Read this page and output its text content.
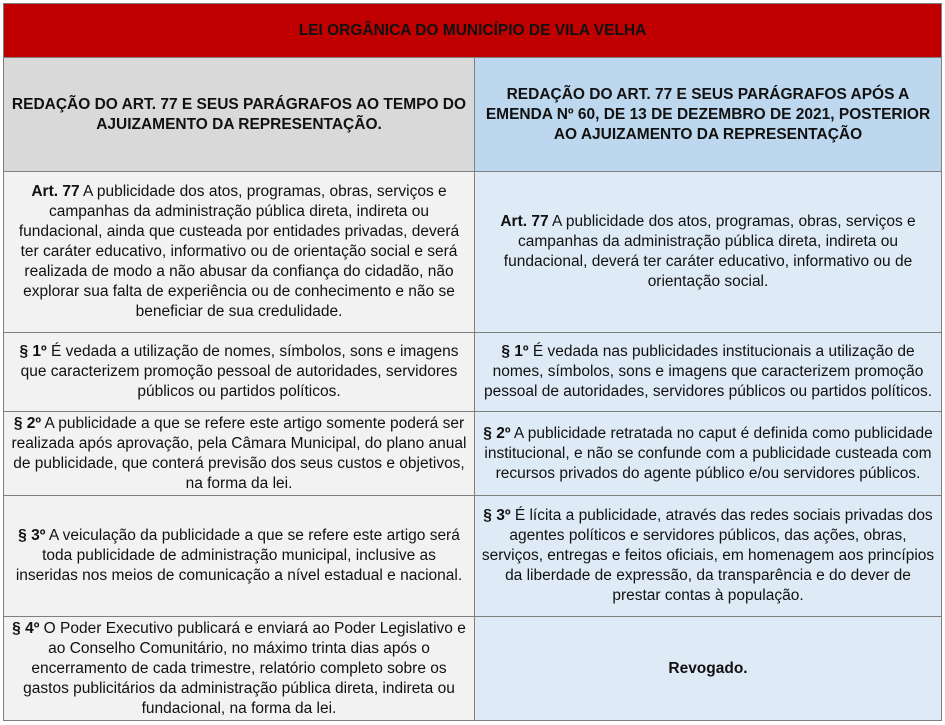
LEI ORGÂNICA DO MUNICÍPIO DE VILA VELHA	
REDAÇÃO DO ART. 77 E SEUS PARÁGRAFOS AO TEMPO DO AJUIZAMENTO DA REPRESENTAÇÃO.	REDAÇÃO DO ART. 77 E SEUS PARÁGRAFOS APÓS A EMENDA Nº 60, DE 13 DE DEZEMBRO DE 2021, POSTERIOR AO AJUIZAMENTO DA REPRESENTAÇÃO
Art. 77 A publicidade dos atos, programas, obras, serviços e campanhas da administração pública direta, indireta ou fundacional, ainda que custeada por entidades privadas, deverá ter caráter educativo, informativo ou de orientação social e será realizada de modo a não abusar da confiança do cidadão, não explorar sua falta de experiência ou de conhecimento e não se beneficiar de sua credulidade.	Art. 77 A publicidade dos atos, programas, obras, serviços e campanhas da administração pública direta, indireta ou fundacional, deverá ter caráter educativo, informativo ou de orientação social.
§ 1º É vedada a utilização de nomes, símbolos, sons e imagens que caracterizem promoção pessoal de autoridades, servidores públicos ou partidos políticos.	§ 1º É vedada nas publicidades institucionais a utilização de nomes, símbolos, sons e imagens que caracterizem promoção pessoal de autoridades, servidores públicos ou partidos políticos.
§ 2º A publicidade a que se refere este artigo somente poderá ser realizada após aprovação, pela Câmara Municipal, do plano anual de publicidade, que conterá previsão dos seus custos e objetivos, na forma da lei.	§ 2º A publicidade retratada no caput é definida como publicidade institucional, e não se confunde com a publicidade custeada com recursos privados do agente público e/ou servidores públicos.
§ 3º A veiculação da publicidade a que se refere este artigo será toda publicidade de administração municipal, inclusive as inseridas nos meios de comunicação a nível estadual e nacional.	§ 3º É lícita a publicidade, através das redes sociais privadas dos agentes políticos e servidores públicos, das ações, obras, serviços, entregas e feitos oficiais, em homenagem aos princípios da liberdade de expressão, da transparência e do dever de prestar contas à população.
§ 4º O Poder Executivo publicará e enviará ao Poder Legislativo e ao Conselho Comunitário, no máximo trinta dias após o encerramento de cada trimestre, relatório completo sobre os gastos publicitários da administração pública direta, indireta ou fundacional, na forma da lei.	Revogado.
